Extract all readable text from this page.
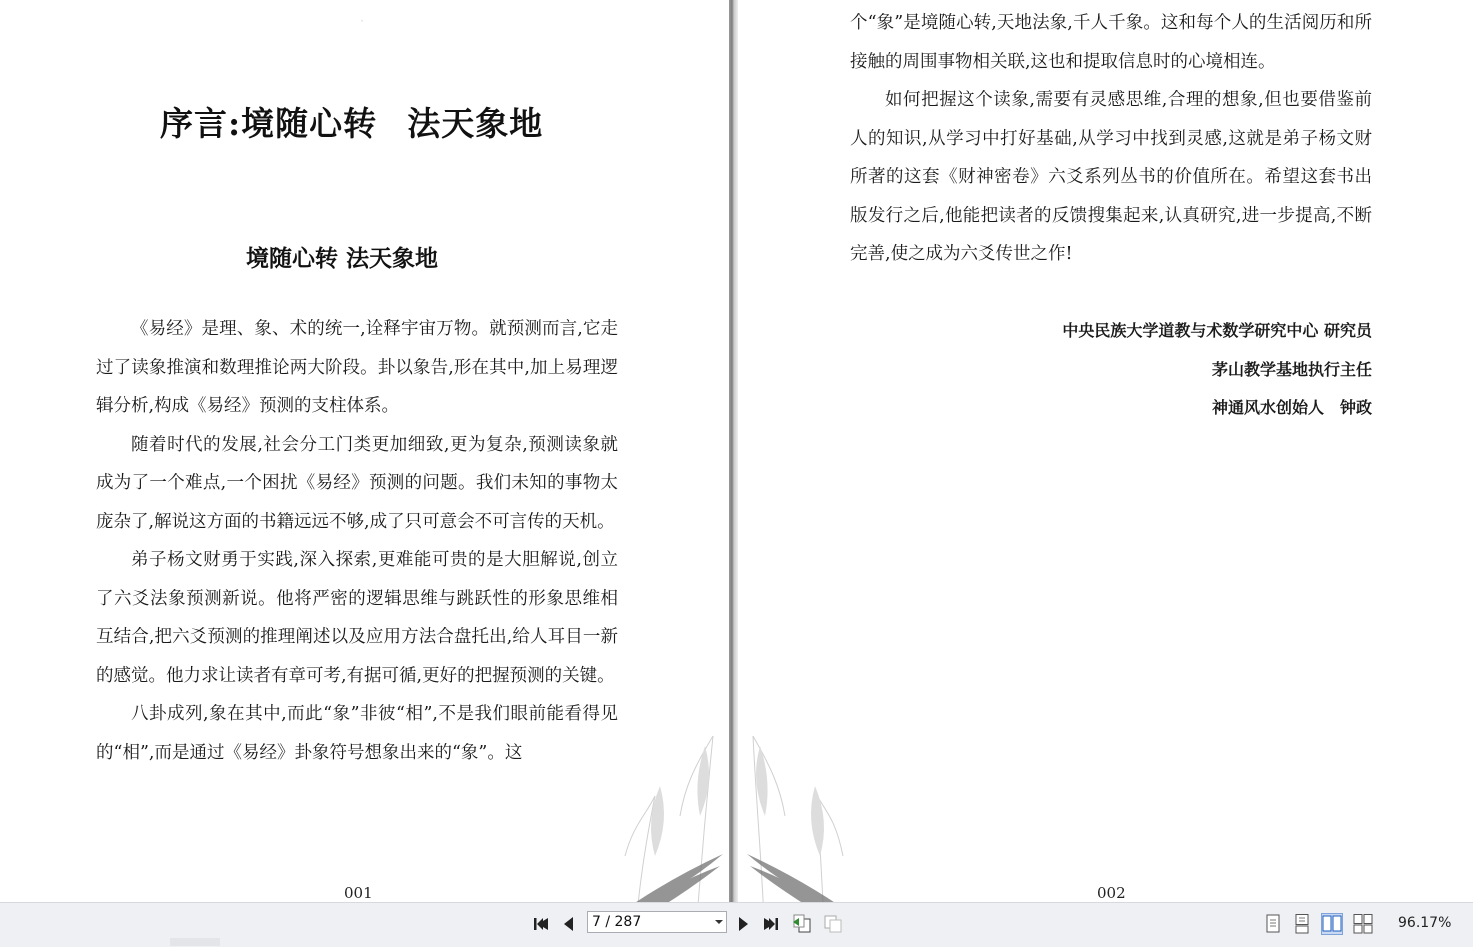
·
序言:境随心转 法天象地
境随心转 法天象地

《易经》是理、象、术的统一,诠释宇宙万物。就预测而言,它走过了读象推演和数理推论两大阶段。卦以象告,形在其中,加上易理逻辑分析,构成《易经》预测的支柱体系。

随着时代的发展,社会分工门类更加细致,更为复杂,预测读象就成为了一个难点,一个困扰《易经》预测的问题。我们未知的事物太庞杂了,解说这方面的书籍远远不够,成了只可意会不可言传的天机。

弟子杨文财勇于实践,深入探索,更难能可贵的是大胆解说,创立了六爻法象预测新说。他将严密的逻辑思维与跳跃性的形象思维相互结合,把六爻预测的推理阐述以及应用方法合盘托出,给人耳目一新的感觉。他力求让读者有章可考,有据可循,更好的把握预测的关键。

八卦成列,象在其中,而此“象”非彼“相”,不是我们眼前能看得见的“相”,而是通过《易经》卦象符号想象出来的“象”。这

001

个“象”是境随心转,天地法象,千人千象。这和每个人的生活阅历和所接触的周围事物相关联,这也和提取信息时的心境相连。

如何把握这个读象,需要有灵感思维,合理的想象,但也要借鉴前人的知识,从学习中打好基础,从学习中找到灵感,这就是弟子杨文财所著的这套《财神密卷》六爻系列丛书的价值所在。希望这套书出版发行之后,他能把读者的反馈搜集起来,认真研究,进一步提高,不断完善,使之成为六爻传世之作!

中央民族大学道教与术数学研究中心 研究员
茅山教学基地执行主任
神通风水创始人　钟政
002
7 / 287	96.17%
